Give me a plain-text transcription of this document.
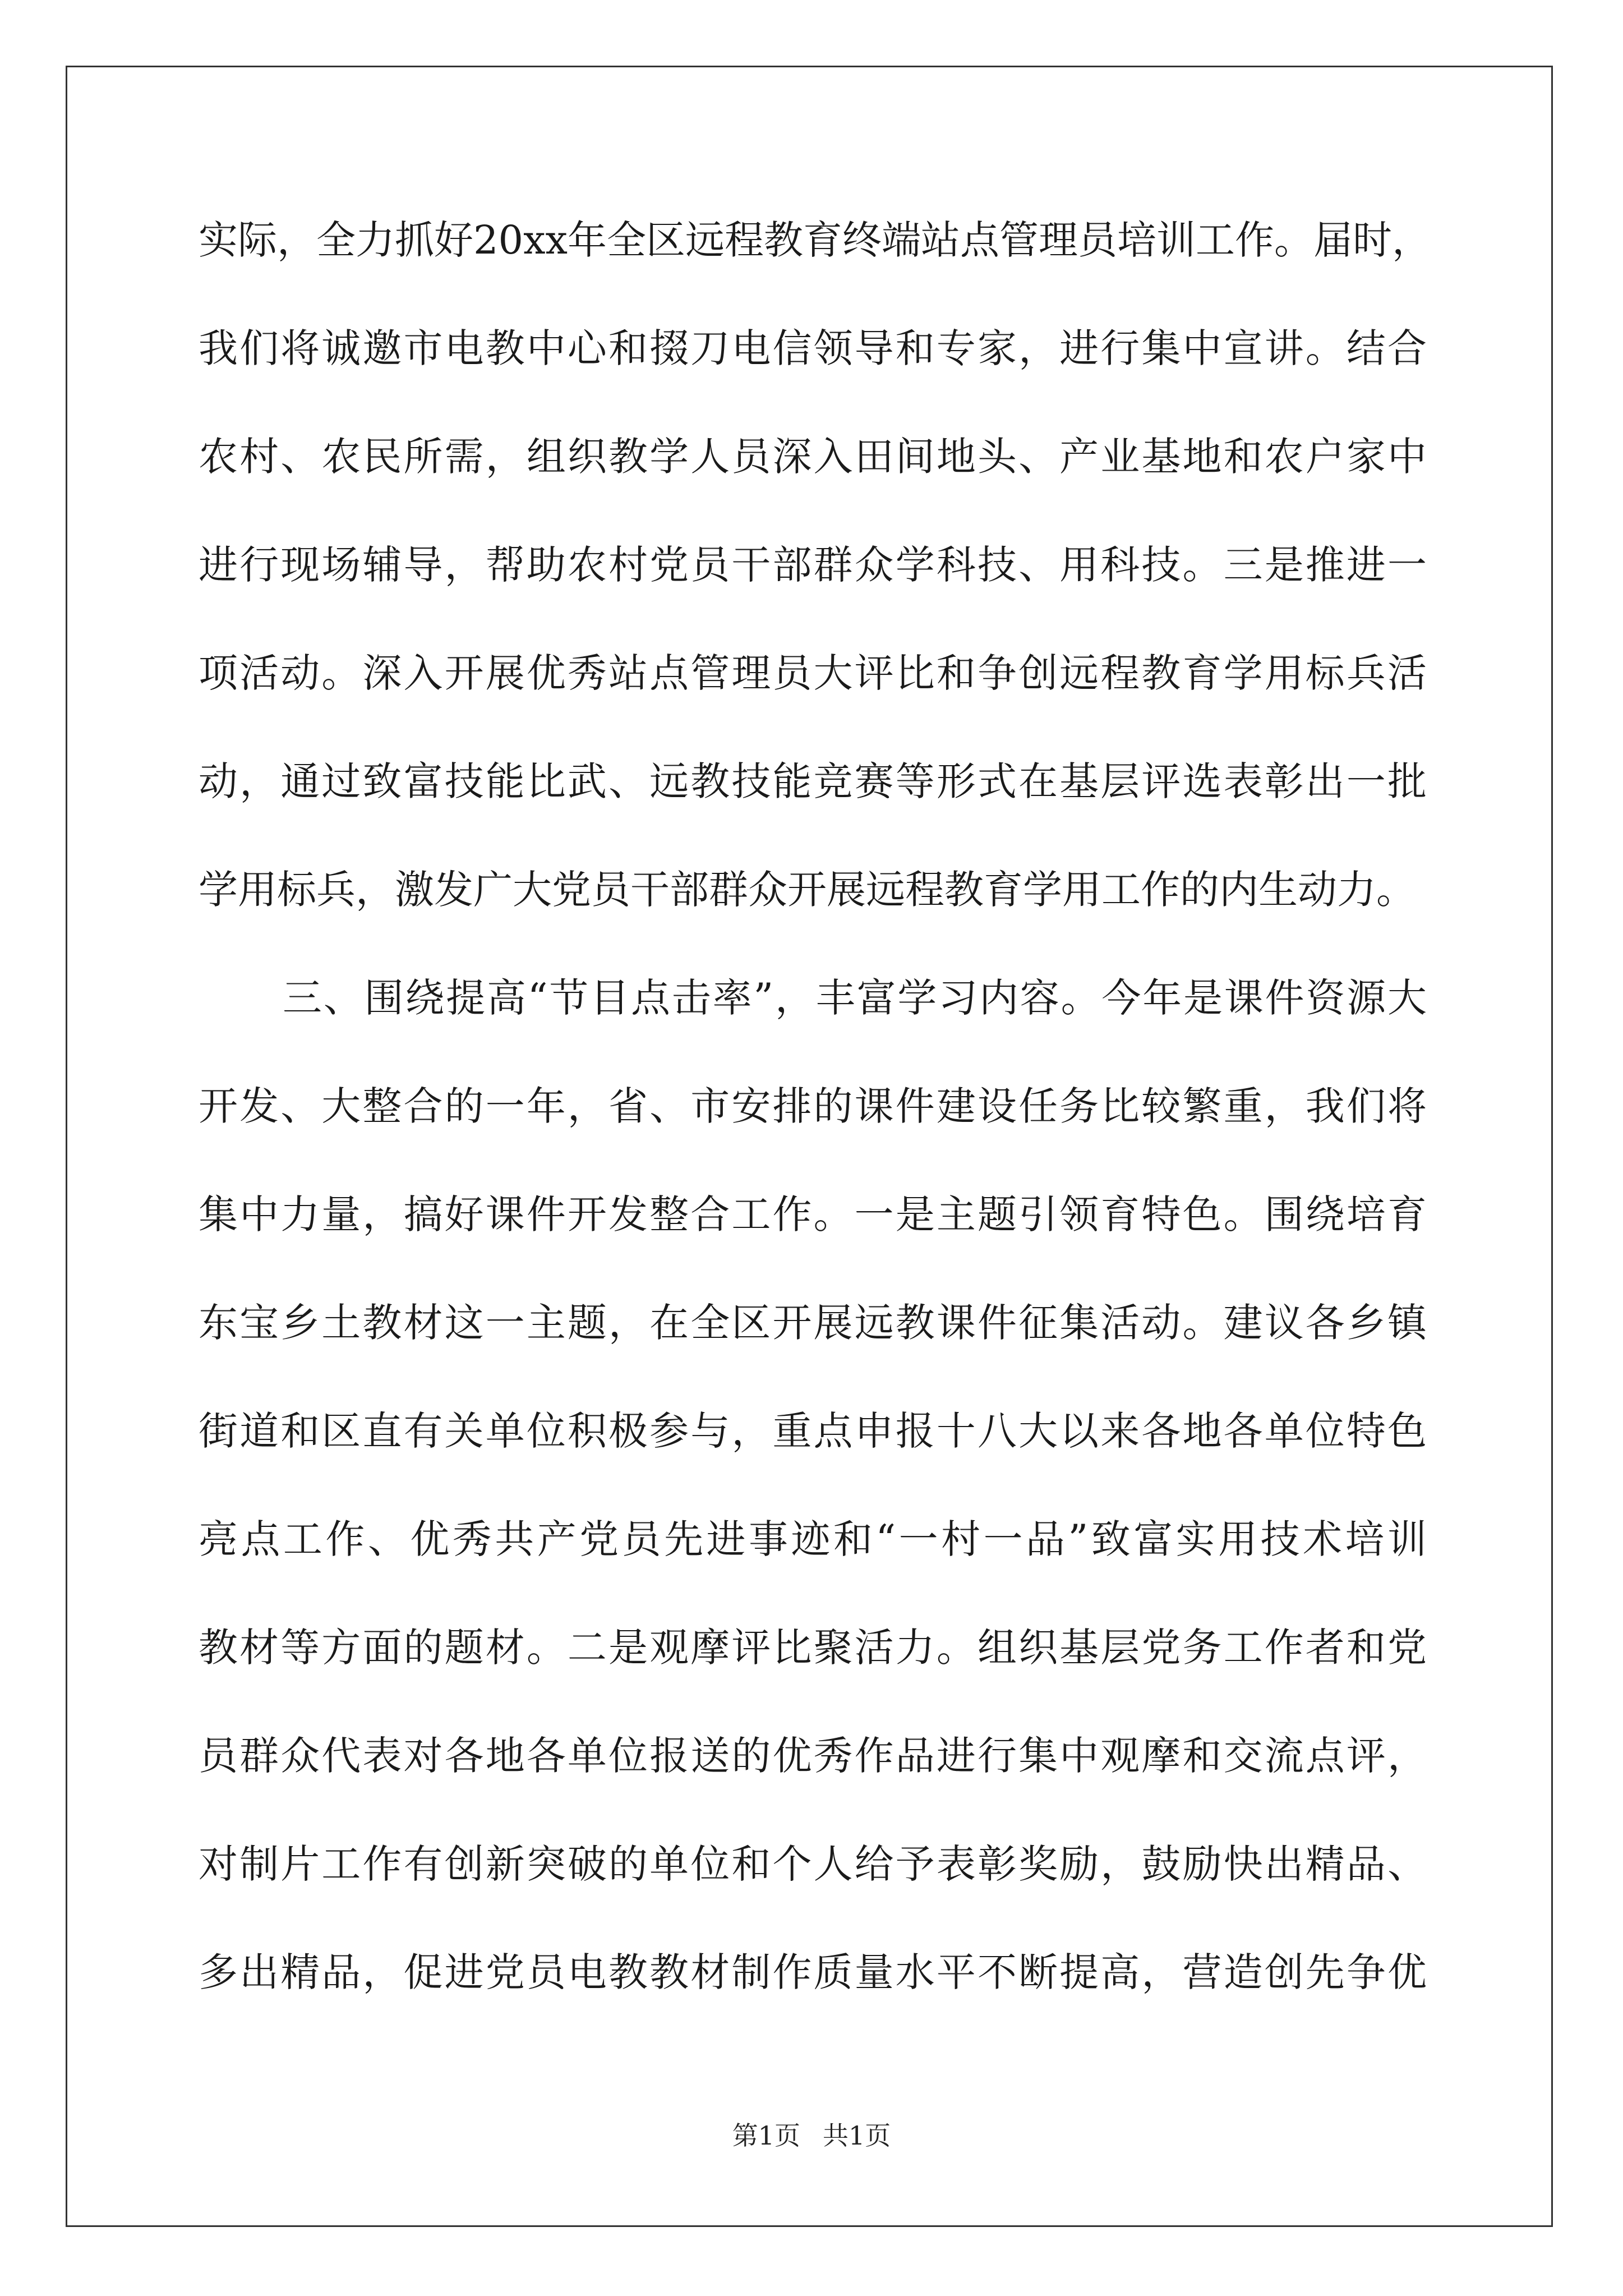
实际，全力抓好20xx年全区远程教育终端站点管理员培训工作。届时，
我们将诚邀市电教中心和掇刀电信领导和专家，进行集中宣讲。结合
农村、农民所需，组织教学人员深入田间地头、产业基地和农户家中
进行现场辅导，帮助农村党员干部群众学科技、用科技。三是推进一
项活动。深入开展优秀站点管理员大评比和争创远程教育学用标兵活
动，通过致富技能比武、远教技能竞赛等形式在基层评选表彰出一批
学用标兵，激发广大党员干部群众开展远程教育学用工作的内生动力。
三、围绕提高“节目点击率”，丰富学习内容。今年是课件资源大
开发、大整合的一年，省、市安排的课件建设任务比较繁重，我们将
集中力量，搞好课件开发整合工作。一是主题引领育特色。围绕培育
东宝乡土教材这一主题，在全区开展远教课件征集活动。建议各乡镇
街道和区直有关单位积极参与，重点申报十八大以来各地各单位特色
亮点工作、优秀共产党员先进事迹和“一村一品”致富实用技术培训
教材等方面的题材。二是观摩评比聚活力。组织基层党务工作者和党
员群众代表对各地各单位报送的优秀作品进行集中观摩和交流点评，
对制片工作有创新突破的单位和个人给予表彰奖励，鼓励快出精品、
多出精品，促进党员电教教材制作质量水平不断提高，营造创先争优
第1页 共1页
